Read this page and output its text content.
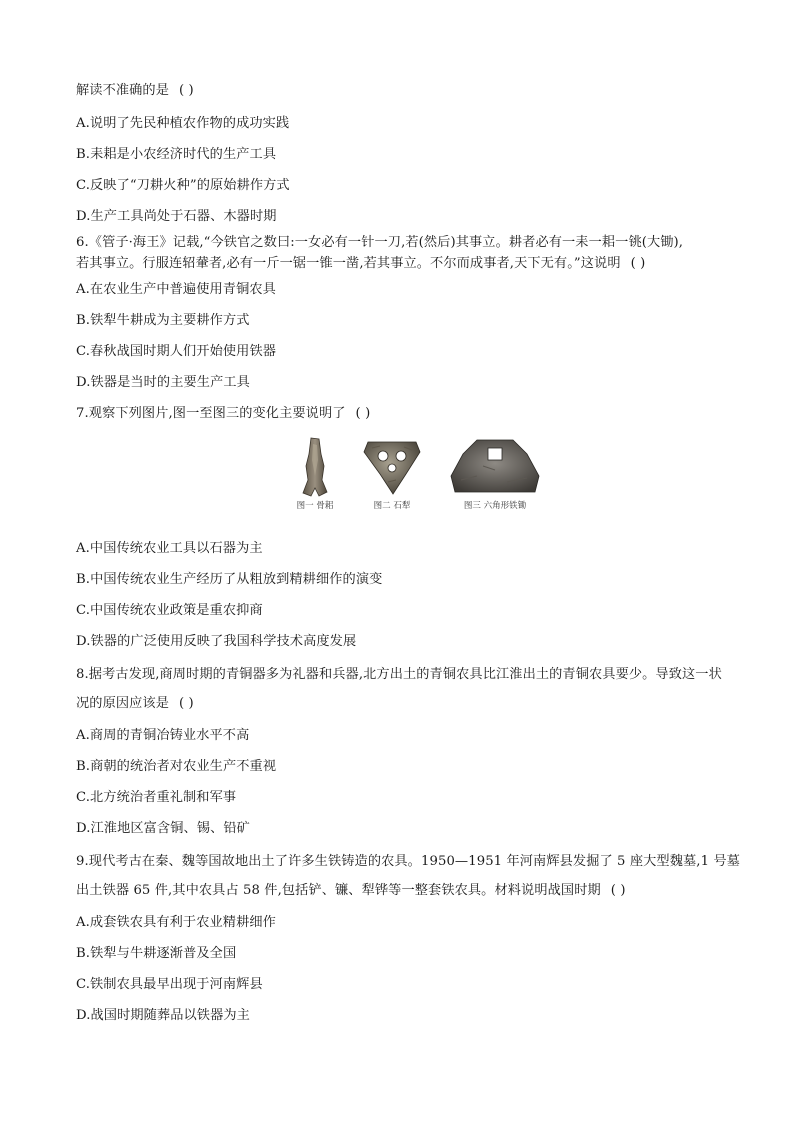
解读不准确的是 ( )
A.说明了先民种植农作物的成功实践
B.耒耜是小农经济时代的生产工具
C.反映了“刀耕火种”的原始耕作方式
D.生产工具尚处于石器、木器时期
6.《管子·海王》记载,“今铁官之数曰:一女必有一针一刀,若(然后)其事立。耕者必有一耒一耜一铫(大锄),
若其事立。行服连轺輂者,必有一斤一锯一锥一凿,若其事立。不尔而成事者,天下无有。”这说明 ( )
A.在农业生产中普遍使用青铜农具
B.铁犁牛耕成为主要耕作方式
C.春秋战国时期人们开始使用铁器
D.铁器是当时的主要生产工具
7.观察下列图片,图一至图三的变化主要说明了 ( )
图一 骨耜	图二 石犁	图三 六角形铁锄
A.中国传统农业工具以石器为主
B.中国传统农业生产经历了从粗放到精耕细作的演变
C.中国传统农业政策是重农抑商
D.铁器的广泛使用反映了我国科学技术高度发展
8.据考古发现,商周时期的青铜器多为礼器和兵器,北方出土的青铜农具比江淮出土的青铜农具要少。导致这一状
况的原因应该是 ( )
A.商周的青铜冶铸业水平不高
B.商朝的统治者对农业生产不重视
C.北方统治者重礼制和军事
D.江淮地区富含铜、锡、铅矿
9.现代考古在秦、魏等国故地出土了许多生铁铸造的农具。1950—1951 年河南辉县发掘了 5 座大型魏墓,1 号墓
出土铁器 65 件,其中农具占 58 件,包括铲、镰、犁铧等一整套铁农具。材料说明战国时期 ( )
A.成套铁农具有利于农业精耕细作
B.铁犁与牛耕逐渐普及全国
C.铁制农具最早出现于河南辉县
D.战国时期随葬品以铁器为主
